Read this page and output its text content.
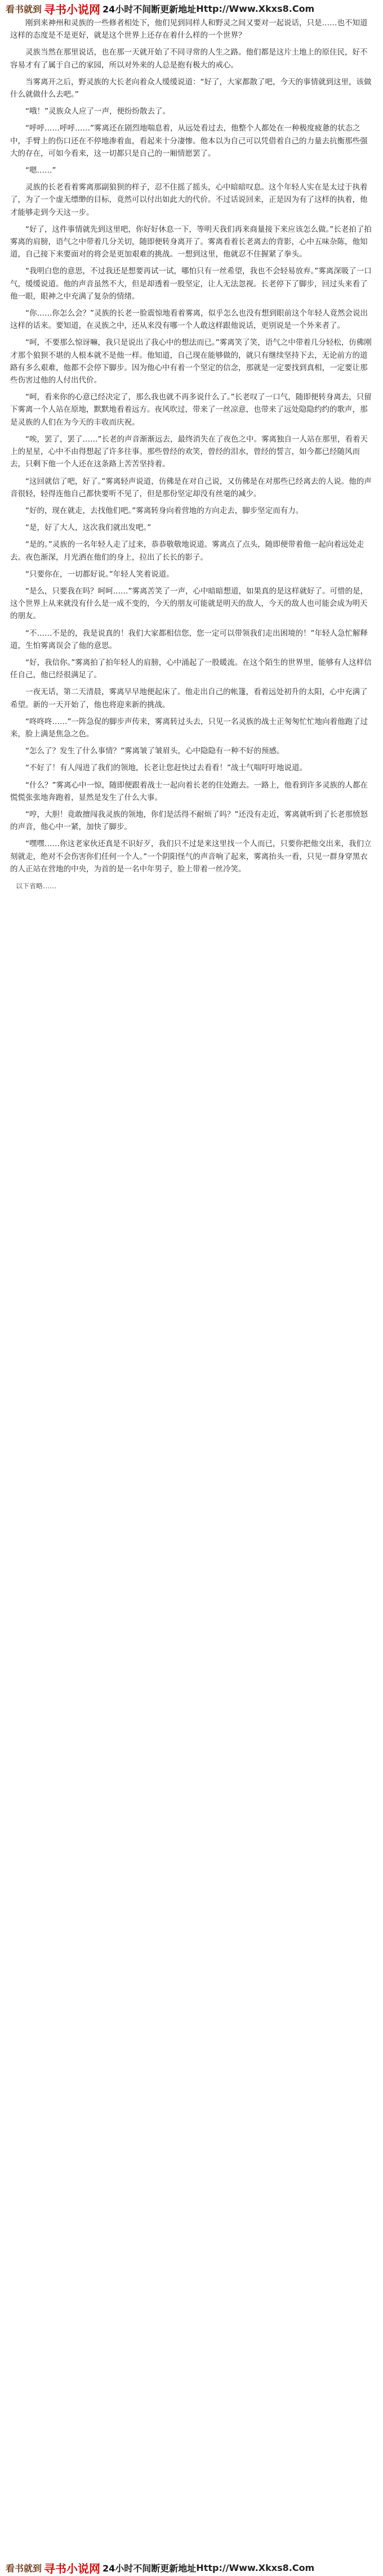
看书就到 寻书小说网 24小时不间断更新地址 Http://Www.Xkxs8.Com

刚到来神州和灵族的一些修者相处下，他们见到同样人和野灵之间又要对一起说话，只是……也不知道这样的态度是不是更好，就是这个世界上还存在着什么样的一个世界？

灵族当然在那里说话，也在那一天就开始了不同寻常的人生之路。他们都是这片土地上的原住民，好不容易才有了属于自己的家园，所以对外来的人总是抱有极大的戒心。

当雾离开之后，野灵族的大长老向着众人缓缓说道：“好了，大家都散了吧，今天的事情就到这里，该做什么就做什么去吧。”

“哦！”灵族众人应了一声，便纷纷散去了。

“呼呼……呼呼……”雾离还在剧烈地喘息着，从远处看过去，他整个人都处在一种极度疲惫的状态之中，手臂上的伤口还在不停地渗着血，看起来十分凄惨。他本以为自己可以凭借着自己的力量去抗衡那些强大的存在，可如今看来，这一切都只是自己的一厢情愿罢了。

“嗯……”

灵族的长老看着雾离那副狼狈的样子，忍不住摇了摇头，心中暗暗叹息。这个年轻人实在是太过于执着了，为了一个虚无缥缈的目标，竟然可以付出如此大的代价。不过话说回来，正是因为有了这样的执着，他才能够走到今天这一步。

“好了，这件事情就先到这里吧，你好好休息一下，等明天我们再来商量接下来应该怎么做。”长老拍了拍雾离的肩膀，语气之中带着几分关切，随即便转身离开了。雾离看着长老离去的背影，心中五味杂陈，他知道，自己接下来要面对的将会是更加艰难的挑战。一想到这里，他就忍不住握紧了拳头。

“我明白您的意思，不过我还是想要再试一试，哪怕只有一丝希望，我也不会轻易放弃。”雾离深吸了一口气，缓缓说道。他的声音虽然不大，但是却透着一股坚定，让人无法忽视。长老停下了脚步，回过头来看了他一眼，眼神之中充满了复杂的情绪。

“你……你怎么会？”灵族的长老一脸震惊地看着雾离，似乎怎么也没有想到眼前这个年轻人竟然会说出这样的话来。要知道，在灵族之中，还从来没有哪一个人敢这样跟他说话，更别说是一个外来者了。

“呵，不要那么惊讶嘛，我只是说出了我心中的想法而已。”雾离笑了笑，语气之中带着几分轻松，仿佛刚才那个狼狈不堪的人根本就不是他一样。他知道，自己现在能够做的，就只有继续坚持下去，无论前方的道路有多么艰难，他都不会停下脚步。因为他心中有着一个坚定的信念，那就是一定要找到真相，一定要让那些伤害过他的人付出代价。

“呵，看来你的心意已经决定了，那么我也就不再多说什么了。”长老叹了一口气，随即便转身离去，只留下雾离一个人站在原地，默默地看着远方。夜风吹过，带来了一丝凉意，也带来了远处隐隐约约的歌声，那是灵族的人们在为今天的丰收而庆祝。

“唉，罢了，罢了……”长老的声音渐渐远去，最终消失在了夜色之中。雾离独自一人站在那里，看着天上的星星，心中不由得想起了许多往事。那些曾经的欢笑，曾经的泪水，曾经的誓言，如今都已经随风而去，只剩下他一个人还在这条路上苦苦坚持着。

“这回就信了吧，好了。”雾离轻声说道，仿佛是在对自己说，又仿佛是在对那些已经离去的人说。他的声音很轻，轻得连他自己都快要听不见了，但是那份坚定却没有丝毫的减少。

“好的，现在就走，去找他们吧。”雾离转身向着营地的方向走去，脚步坚定而有力。

“是，好了大人，这次我们就出发吧。”

“是的。”灵族的一名年轻人走了过来，恭恭敬敬地说道。雾离点了点头，随即便带着他一起向着远处走去。夜色渐深，月光洒在他们的身上，拉出了长长的影子。

“只要你在，一切都好说。”年轻人笑着说道。

“是么，只要我在吗？呵呵……”雾离苦笑了一声，心中暗暗想道，如果真的是这样就好了。可惜的是，这个世界上从来就没有什么是一成不变的，今天的朋友可能就是明天的敌人，今天的敌人也可能会成为明天的朋友。

“不……不是的，我是说真的！我们大家都相信您，您一定可以带领我们走出困境的！”年轻人急忙解释道，生怕雾离误会了他的意思。

“好，我信你。”雾离拍了拍年轻人的肩膀，心中涌起了一股暖流。在这个陌生的世界里，能够有人这样信任自己，他已经很满足了。

一夜无话，第二天清晨，雾离早早地便起床了。他走出自己的帐篷，看着远处初升的太阳，心中充满了希望。新的一天开始了，他也将迎来新的挑战。

“咚咚咚……”一阵急促的脚步声传来，雾离转过头去，只见一名灵族的战士正匆匆忙忙地向着他跑了过来，脸上满是焦急之色。

“怎么了？发生了什么事情？”雾离皱了皱眉头，心中隐隐有一种不好的预感。

“不好了！有人闯进了我们的领地，长老让您赶快过去看看！”战士气喘吁吁地说道。

“什么？”雾离心中一惊，随即便跟着战士一起向着长老的住处跑去。一路上，他看到许多灵族的人都在慌慌张张地奔跑着，显然是发生了什么大事。

“哼，大胆！竟敢擅闯我灵族的领地，你们是活得不耐烦了吗？”还没有走近，雾离就听到了长老那愤怒的声音，他心中一紧，加快了脚步。

“嘿嘿……你这老家伙还真是不识好歹，我们只不过是来这里找一个人而已，只要你把他交出来，我们立刻就走，绝对不会伤害你们任何一个人。”一个阴阳怪气的声音响了起来，雾离抬头一看，只见一群身穿黑衣的人正站在营地的中央，为首的是一名中年男子，脸上带着一丝冷笑。

以下省略……

看书就到 寻书小说网 24小时不间断更新地址 Http://Www.Xkxs8.Com
